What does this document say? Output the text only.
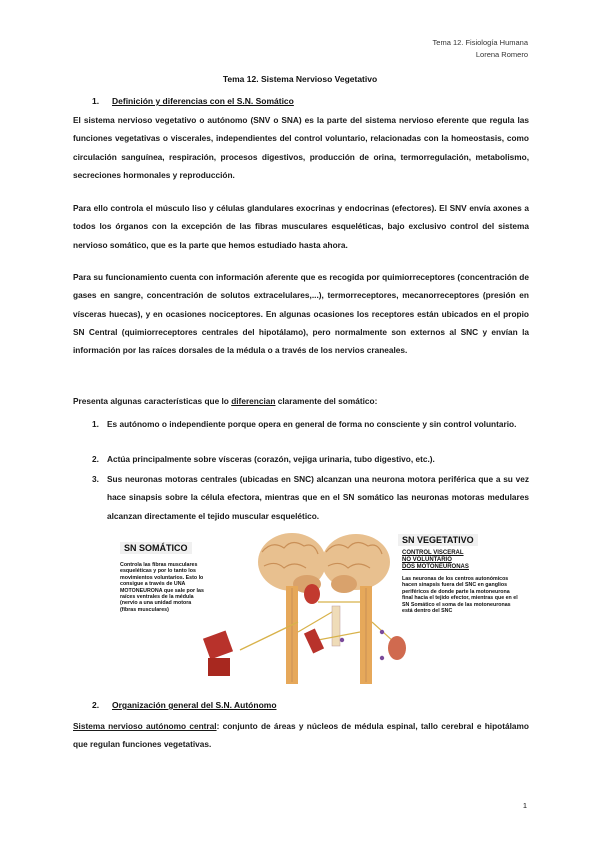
Tema 12. Fisiología Humana
Lorena Romero
Tema 12. Sistema Nervioso Vegetativo
1. Definición y diferencias con el S.N. Somático
El sistema nervioso vegetativo o autónomo (SNV o SNA) es la parte del sistema nervioso eferente que regula las funciones vegetativas o viscerales, independientes del control voluntario, relacionadas con la homeostasis, como circulación sanguínea, respiración, procesos digestivos, producción de orina, termorregulación, metabolismo, secreciones hormonales y reproducción.
Para ello controla el músculo liso y células glandulares exocrinas y endocrinas (efectores). El SNV envía axones a todos los órganos con la excepción de las fibras musculares esqueléticas, bajo exclusivo control del sistema nervioso somático, que es la parte que hemos estudiado hasta ahora.
Para su funcionamiento cuenta con información aferente que es recogida por quimiorreceptores (concentración de gases en sangre, concentración de solutos extracelulares,...), termorreceptores, mecanorreceptores (presión en vísceras huecas), y en ocasiones nociceptores. En algunas ocasiones los receptores están ubicados en el propio SN Central (quimiorreceptores centrales del hipotálamo), pero normalmente son externos al SNC y envían la información por las raíces dorsales de la médula o a través de los nervios craneales.
Presenta algunas características que lo diferencian claramente del somático:
1. Es autónomo o independiente porque opera en general de forma no consciente y sin control voluntario.
2. Actúa principalmente sobre vísceras (corazón, vejiga urinaria, tubo digestivo, etc.).
3. Sus neuronas motoras centrales (ubicadas en SNC) alcanzan una neurona motora periférica que a su vez hace sinapsis sobre la célula efectora, mientras que en el SN somático las neuronas motoras medulares alcanzan directamente el tejido muscular esquelético.
SN SOMÁTICO
Controla las fibras musculares esqueléticas y por lo tanto los movimientos voluntarios. Esto lo consigue a través de UNA MOTONEURONA que sale por las raíces ventrales de la médula (nervio a una unidad motora (fibras musculares)
SN VEGETATIVO
CONTROL VISCERAL
NO VOLUNTARIO
DOS MOTONEURONAS
Las neuronas de los centros autonómicos hacen sinapsis fuera del SNC en ganglios periféricos de donde parte la motoneurona final hacia el tejido efector, mientras que en el SN Somático el soma de las motoneuronas está dentro del SNC
2. Organización general del S.N. Autónomo
Sistema nervioso autónomo central: conjunto de áreas y núcleos de médula espinal, tallo cerebral e hipotálamo que regulan funciones vegetativas.
1
